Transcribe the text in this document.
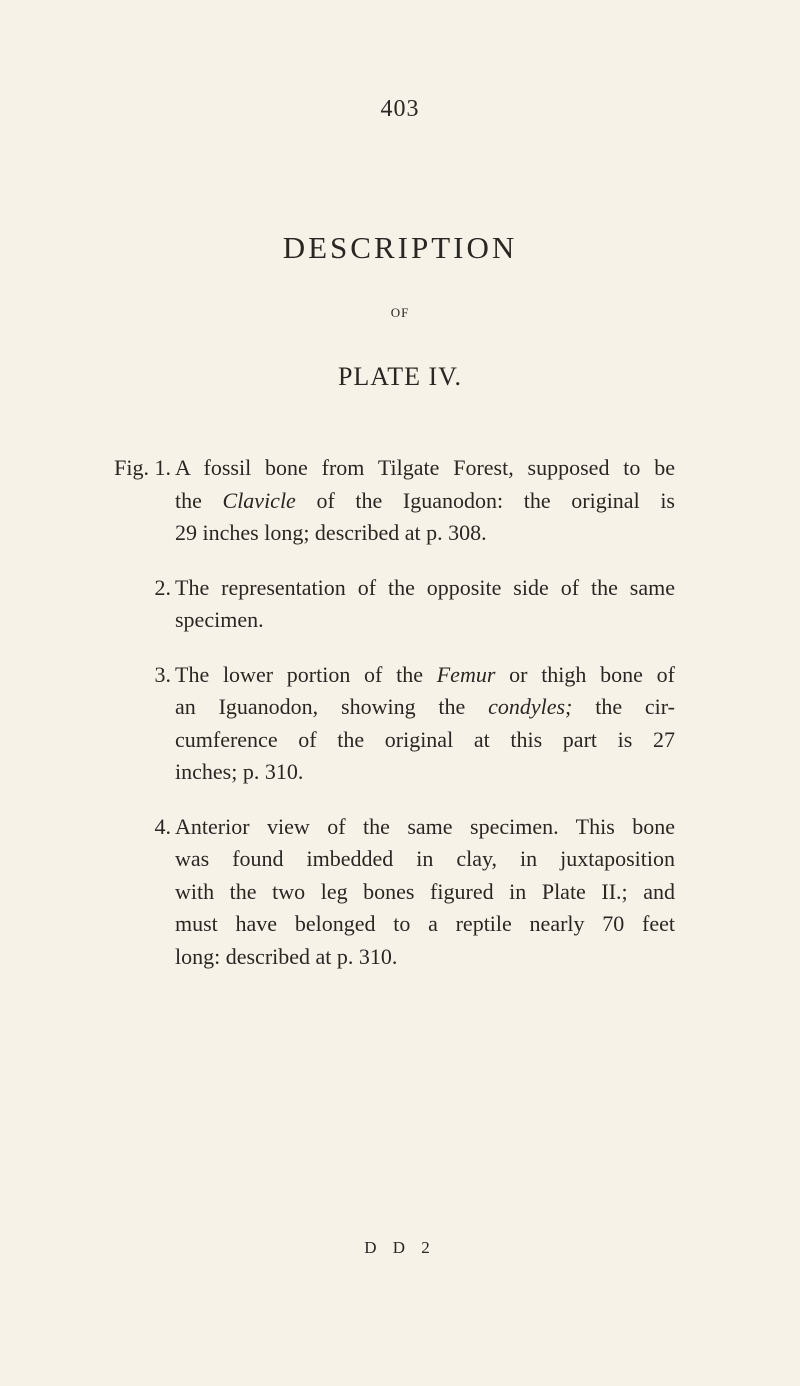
403
DESCRIPTION
OF
PLATE IV.
Fig. 1. A fossil bone from Tilgate Forest, supposed to be
the Clavicle of the Iguanodon: the original is
29 inches long; described at p. 308.
2. The representation of the opposite side of the same
specimen.
3. The lower portion of the Femur or thigh bone of
an Iguanodon, showing the condyles; the cir-
cumference of the original at this part is 27
inches; p. 310.
4. Anterior view of the same specimen. This bone
was found imbedded in clay, in juxtaposition
with the two leg bones figured in Plate II.; and
must have belonged to a reptile nearly 70 feet
long: described at p. 310.
D D 2
